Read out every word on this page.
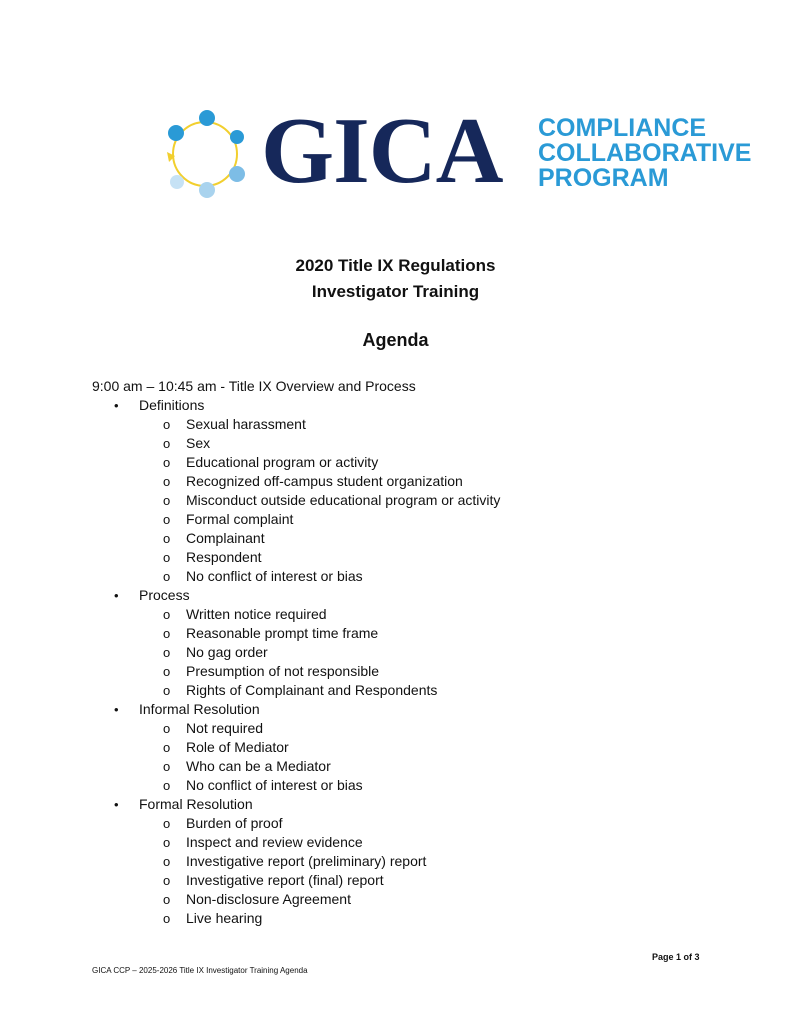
GICA COMPLIANCE
COLLABORATIVE
PROGRAM
2020 Title IX Regulations
Investigator Training
Agenda
9:00 am – 10:45 am - Title IX Overview and Process
• Definitions
o Sexual harassment
o Sex
o Educational program or activity
o Recognized off-campus student organization
o Misconduct outside educational program or activity
o Formal complaint
o Complainant
o Respondent
o No conflict of interest or bias
• Process
o Written notice required
o Reasonable prompt time frame
o No gag order
o Presumption of not responsible
o Rights of Complainant and Respondents
• Informal Resolution
o Not required
o Role of Mediator
o Who can be a Mediator
o No conflict of interest or bias
• Formal Resolution
o Burden of proof
o Inspect and review evidence
o Investigative report (preliminary) report
o Investigative report (final) report
o Non-disclosure Agreement
o Live hearing
Page 1 of 3
GICA CCP – 2025-2026 Title IX Investigator Training Agenda
